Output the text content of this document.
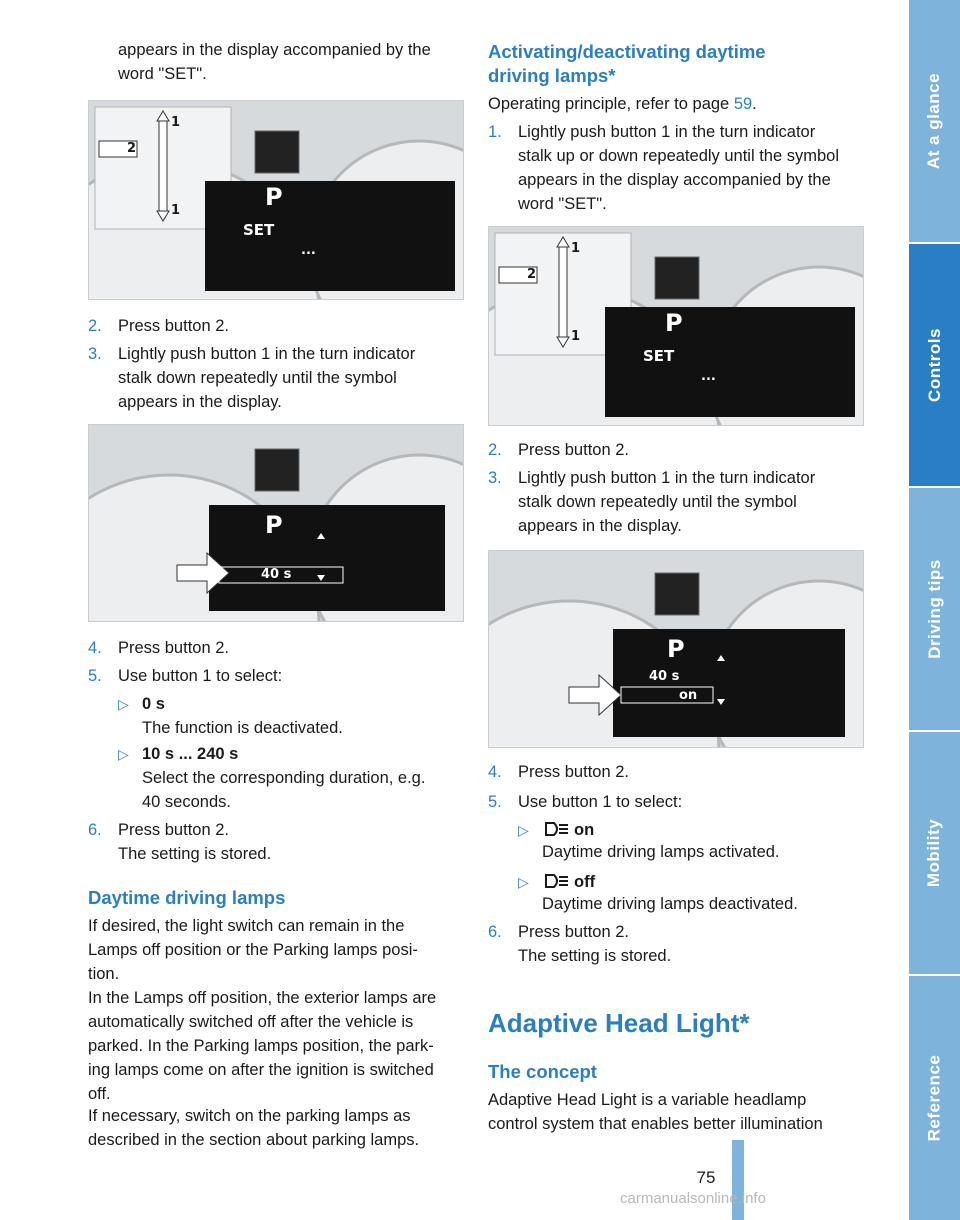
appears in the display accompanied by the
word "SET".
1
2
1	P
SET
...
2. Press button 2.
3. Lightly push button 1 in the turn indicator
stalk down repeatedly until the symbol
appears in the display.
P
40 s
4. Press button 2.
5. Use button 1 to select:
▷ 0 s
The function is deactivated.
▷ 10 s ... 240 s
Select the corresponding duration, e.g.
40 seconds.
6. Press button 2.
The setting is stored.
Daytime driving lamps
If desired, the light switch can remain in the
Lamps off position or the Parking lamps posi-
tion.
In the Lamps off position, the exterior lamps are
automatically switched off after the vehicle is
parked. In the Parking lamps position, the park-
ing lamps come on after the ignition is switched
off.
If necessary, switch on the parking lamps as
described in the section about parking lamps.
Activating/deactivating daytime
driving lamps*
Operating principle, refer to page 59.
1. Lightly push button 1 in the turn indicator
stalk up or down repeatedly until the symbol
appears in the display accompanied by the
word "SET".
1
2
1	P
SET
...
2. Press button 2.
3. Lightly push button 1 in the turn indicator
stalk down repeatedly until the symbol
appears in the display.
P
40 s
on
4. Press button 2.
5. Use button 1 to select:
▷	on
Daytime driving lamps activated.
▷	off
Daytime driving lamps deactivated.
6. Press button 2.
The setting is stored.
Adaptive Head Light*
The concept
Adaptive Head Light is a variable headlamp
control system that enables better illumination
At a glance
Controls
Driving tips
Mobility
Reference
75
carmanualsonline.info
